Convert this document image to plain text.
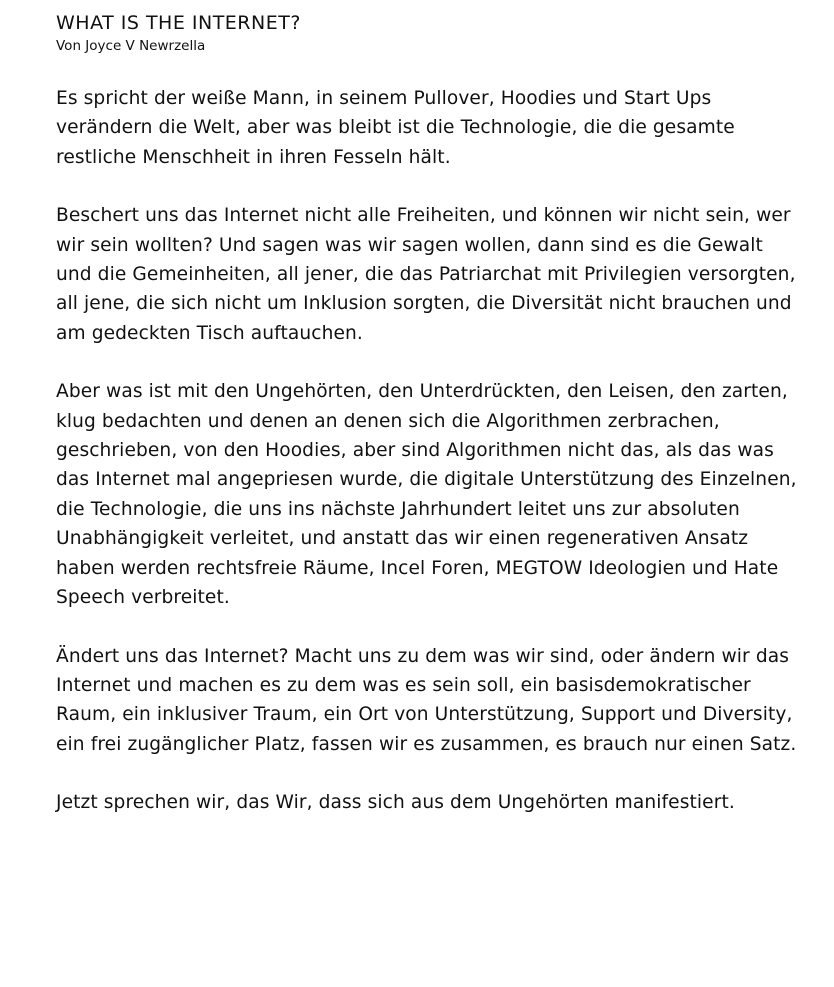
WHAT IS THE INTERNET?
Von Joyce V Newrzella

Es spricht der weiße Mann, in seinem Pullover, Hoodies und Start Ups verändern die Welt, aber was bleibt ist die Technologie, die die gesamte restliche Menschheit in ihren Fesseln hält.

Beschert uns das Internet nicht alle Freiheiten, und können wir nicht sein, wer wir sein wollten? Und sagen was wir sagen wollen, dann sind es die Gewalt und die Gemeinheiten, all jener, die das Patriarchat mit Privilegien versorgten, all jene, die sich nicht um Inklusion sorgten, die Diversität nicht brauchen und am gedeckten Tisch auftauchen.

Aber was ist mit den Ungehörten, den Unterdrückten, den Leisen, den zarten, klug bedachten und denen an denen sich die Algorithmen zerbrachen, geschrieben, von den Hoodies, aber sind Algorithmen nicht das, als das was das Internet mal angepriesen wurde, die digitale Unterstützung des Einzelnen, die Technologie, die uns ins nächste Jahrhundert leitet uns zur absoluten Unabhängigkeit verleitet, und anstatt das wir einen regenerativen Ansatz haben werden rechtsfreie Räume, Incel Foren, MEGTOW Ideologien und Hate Speech verbreitet.

Ändert uns das Internet? Macht uns zu dem was wir sind, oder ändern wir das Internet und machen es zu dem was es sein soll, ein basisdemokratischer Raum, ein inklusiver Traum, ein Ort von Unterstützung, Support und Diversity, ein frei zugänglicher Platz, fassen wir es zusammen, es brauch nur einen Satz.

Jetzt sprechen wir, das Wir, dass sich aus dem Ungehörten manifestiert.
